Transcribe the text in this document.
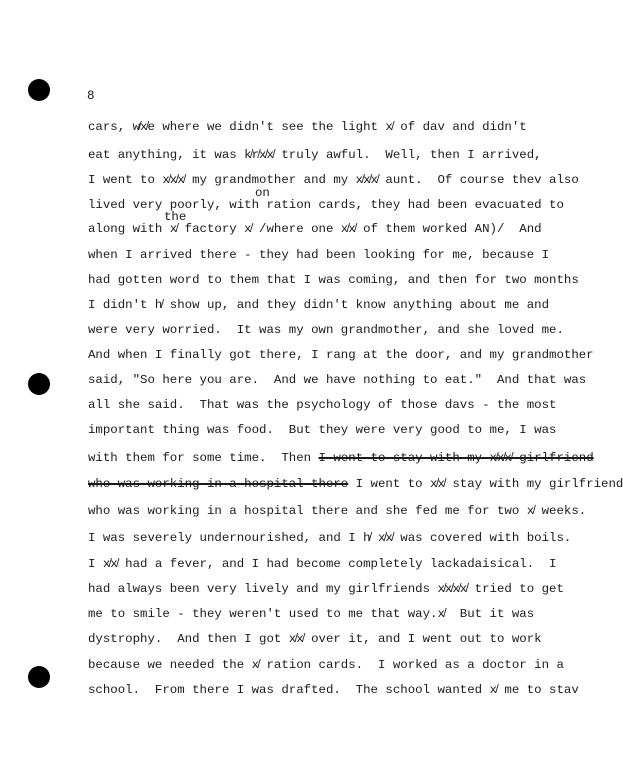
8
on
the
cars, w̸x̸e where we didn't see the light x̸ of dav and didn't
eat anything, it was k̸r̸x̸x̸ truly awful.  Well, then I arrived,
I went to x̸x̸x̸ my grandmother and my x̸x̸x̸ aunt.  Of course thev also
lived very poorly, with ration cards, they had been evacuated to
along with x̸ factory x̸ /where one x̸x̸ of them worked AN)/  And
when I arrived there - they had been looking for me, because I
had gotten word to them that I was coming, and then for two months
I didn't h̸ show up, and they didn't know anything about me and
were very worried.  It was my own grandmother, and she loved me.
And when I finally got there, I rang at the door, and my grandmother
said, "So here you are.  And we have nothing to eat."  And that was
all she said.  That was the psychology of those davs - the most
important thing was food.  But they were very good to me, I was
with them for some time.  Then I-went-to-stay-with-my-x̸x̸x̸-girlfriend
who-was-working-in-a-hospital-there I went to x̸x̸ stay with my girlfriend
who was working in a hospital there and she fed me for two x̸ weeks.
I was severely undernourished, and I h̸ x̸x̸ was covered with boils.
I x̸x̸ had a fever, and I had become completely lackadaisical.  I
had always been very lively and my girlfriends x̸x̸x̸x̸ tried to get
me to smile - they weren't used to me that way.x̸  But it was
dystrophy.  And then I got x̸x̸ over it, and I went out to work
because we needed the x̸ ration cards.  I worked as a doctor in a
school.  From there I was drafted.  The school wanted x̸ me to stav
